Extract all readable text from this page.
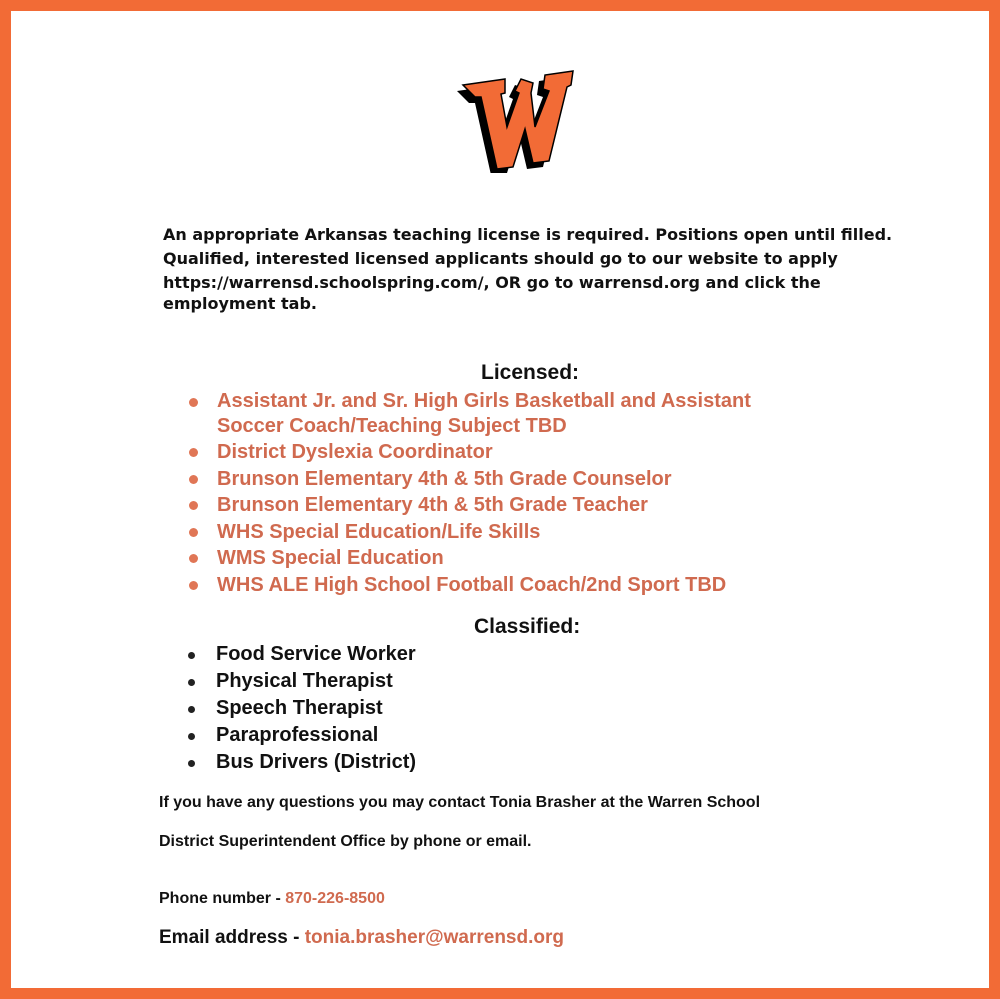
An appropriate Arkansas teaching license is required. Positions open until filled.
Qualified, interested licensed applicants should go to our website to apply
https://warrensd.schoolspring.com/, OR go to warrensd.org and click the
employment tab.
Licensed:
Assistant Jr. and Sr. High Girls Basketball and Assistant
Soccer Coach/Teaching Subject TBD
District Dyslexia Coordinator
Brunson Elementary 4th & 5th Grade Counselor
Brunson Elementary 4th & 5th Grade Teacher
WHS Special Education/Life Skills
WMS Special Education
WHS ALE High School Football Coach/2nd Sport TBD
Classified:
Food Service Worker
Physical Therapist
Speech Therapist
Paraprofessional
Bus Drivers (District)
If you have any questions you may contact Tonia Brasher at the Warren School
District Superintendent Office by phone or email.
Phone number - 870-226-8500
Email address - tonia.brasher@warrensd.org
